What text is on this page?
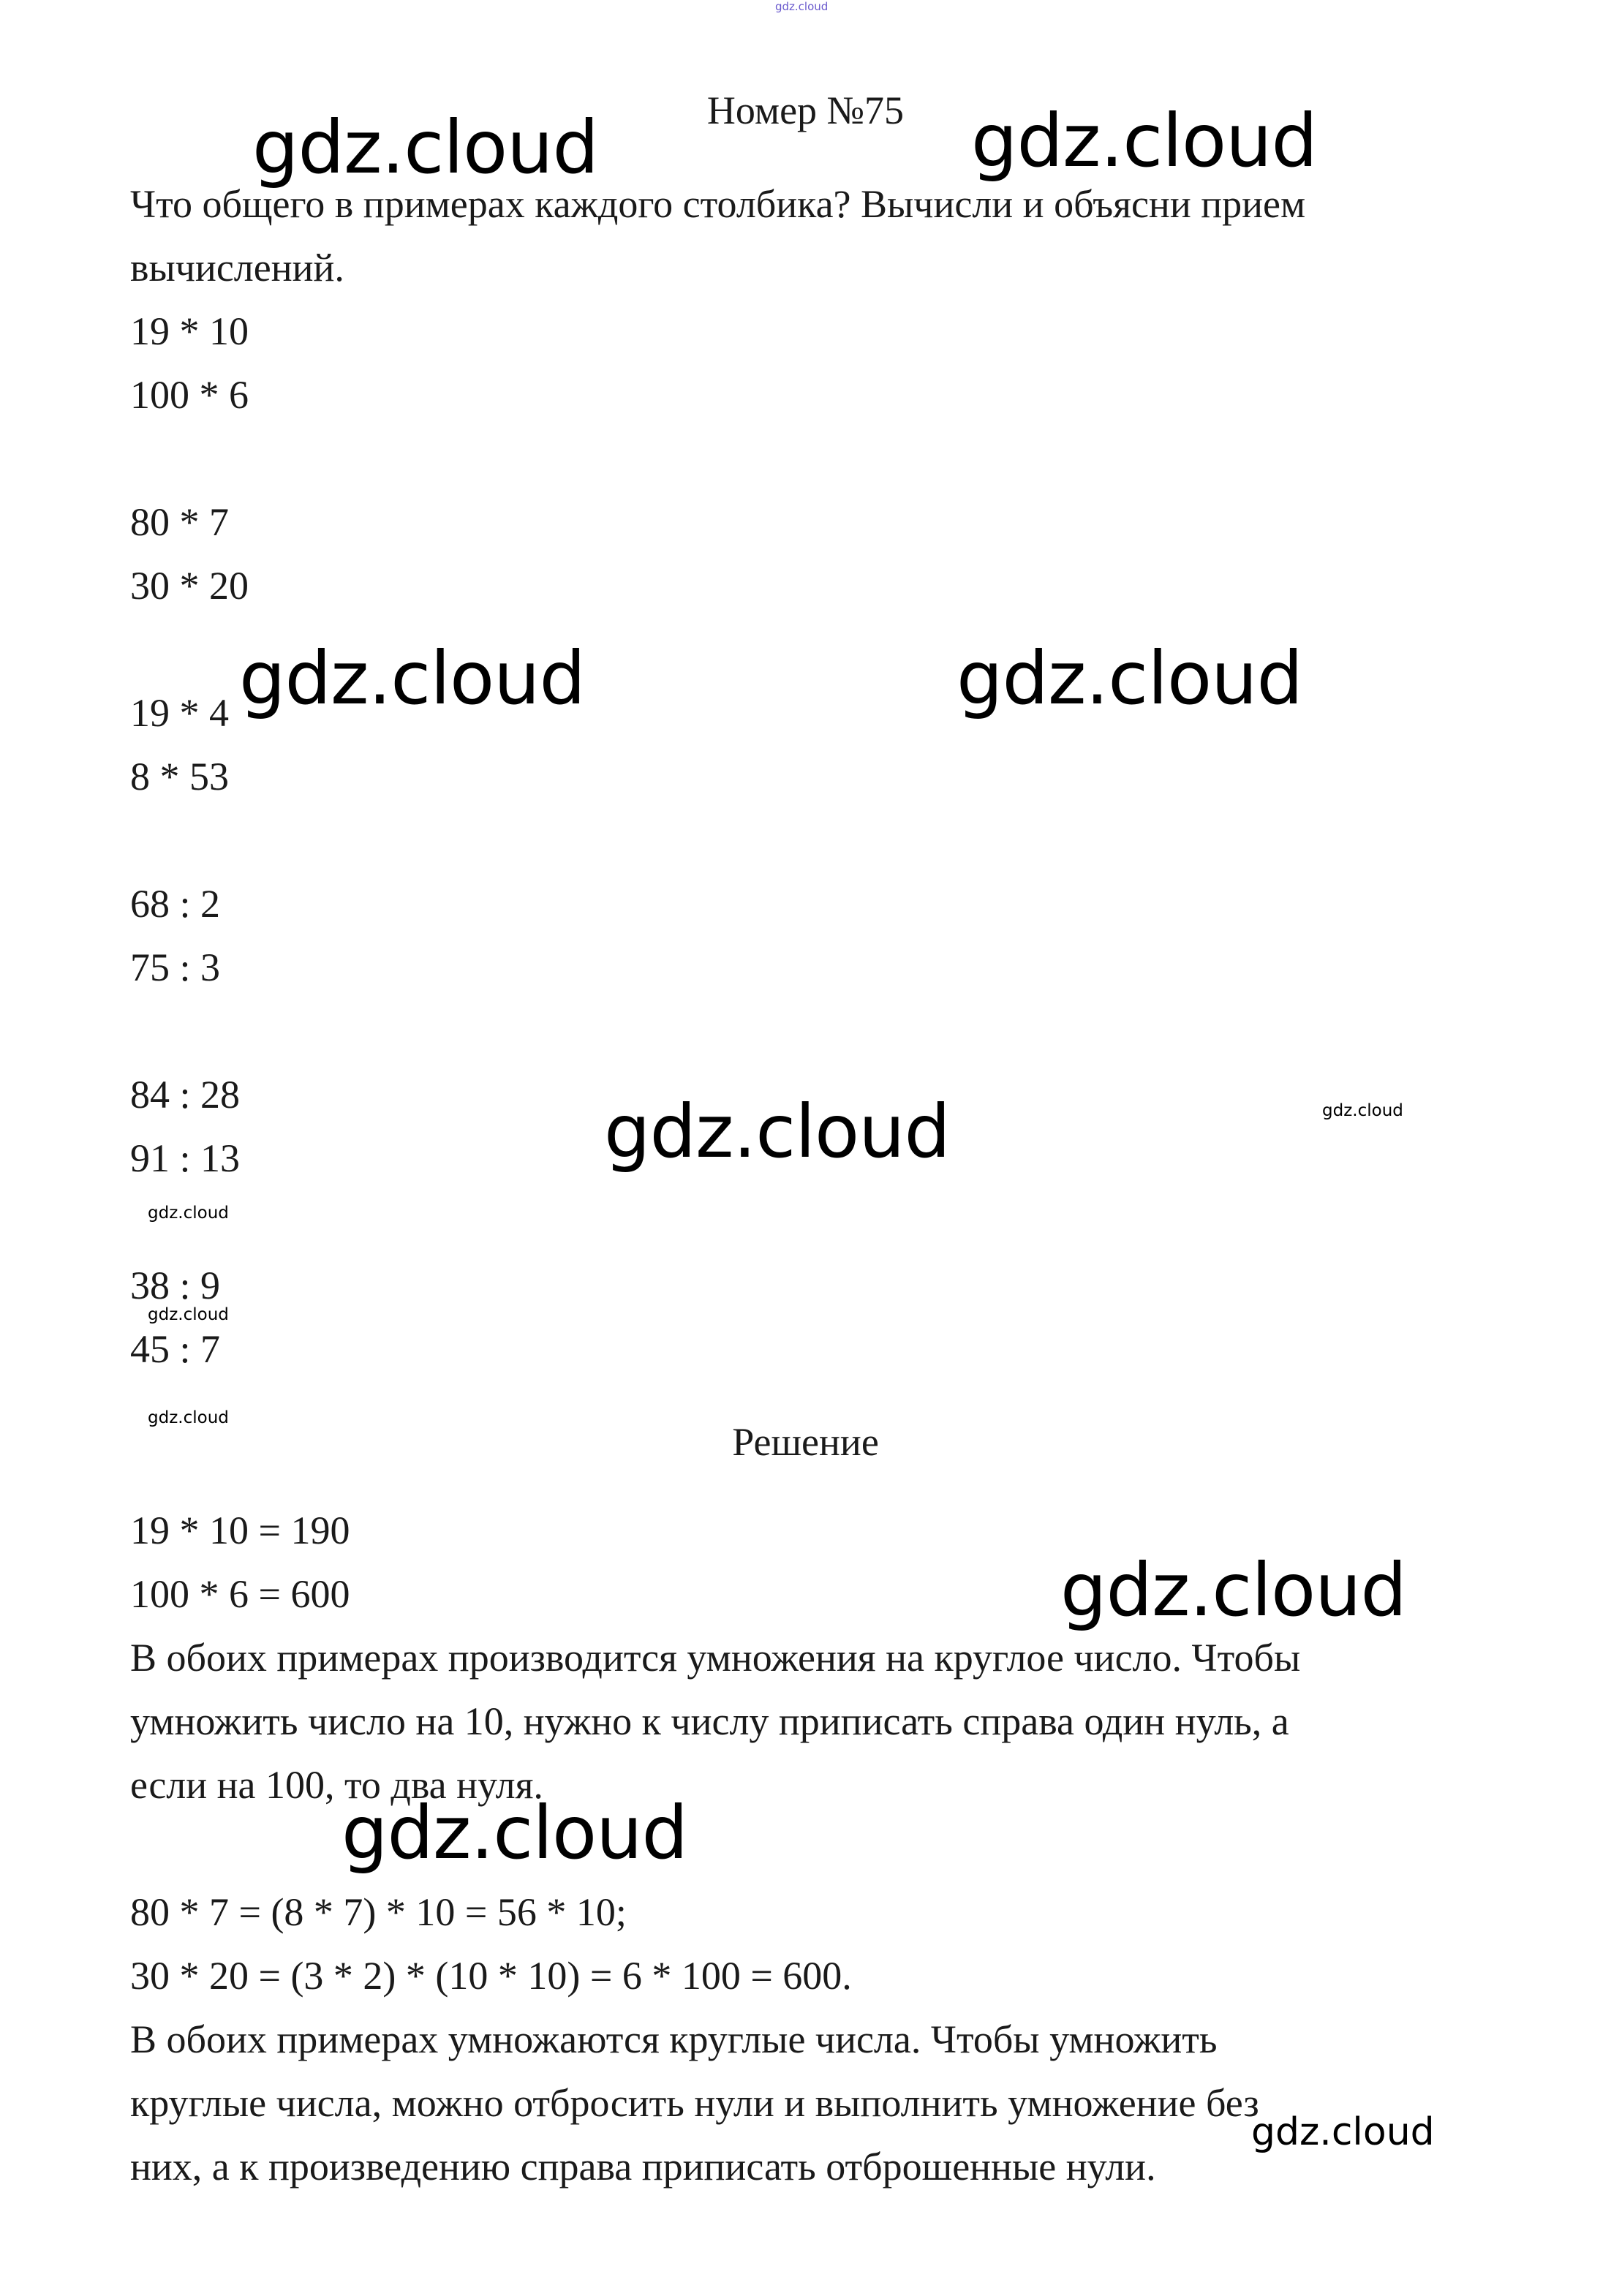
gdz.cloud
Номер №75
Что общего в примерах каждого столбика? Вычисли и объясни прием
вычислений.
19 * 10
100 * 6
80 * 7
30 * 20
19 * 4
8 * 53
68 : 2
75 : 3
84 : 28
91 : 13
38 : 9
45 : 7
Решение
19 * 10 = 190
100 * 6 = 600
В обоих примерах производится умножения на круглое число. Чтобы
умножить число на 10, нужно к числу приписать справа один нуль, а
если на 100, то два нуля.
80 * 7 = (8 * 7) * 10 = 56 * 10;
30 * 20 = (3 * 2) * (10 * 10) = 6 * 100 = 600.
В обоих примерах умножаются круглые числа. Чтобы умножить
круглые числа, можно отбросить нули и выполнить умножение без
них, а к произведению справа приписать отброшенные нули.
gdz.cloud	gdz.cloud
gdz.cloud	gdz.cloud
gdz.cloud	gdz.cloud
gdz.cloud
gdz.cloud
gdz.cloud
gdz.cloud
gdz.cloud
gdz.cloud
